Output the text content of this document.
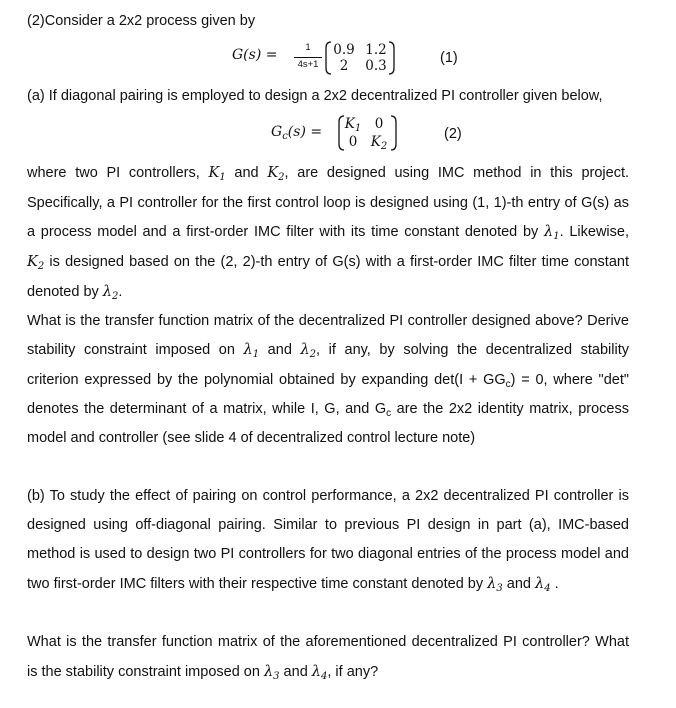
(2)Consider a 2x2 process given by
G(s) =	1
4s+1
0.9 1.2
2	0.3	(1)
(a) If diagonal pairing is employed to design a 2x2 decentralized PI controller given below,
$G_c(s) = K_1$ 0
0 $K_2$
(2)
where two PI controllers, $K_1$ and $K_2$, are designed using IMC method in this project.
Specifically, a PI controller for the first control loop is designed using (1, 1)-th entry of G(s) as
a process model and a first-order IMC filter with its time constant denoted by $\lambda_1$. Likewise,
$K_2$ is designed based on the (2, 2)-th entry of G(s) with a first-order IMC filter time constant
denoted by $\lambda_2$.
What is the transfer function matrix of the decentralized PI controller designed above? Derive
stability constraint imposed on $\lambda_1$ and $\lambda_2$, if any, by solving the decentralized stability
criterion expressed by the polynomial obtained by expanding $\det(I + GG_c) = 0$, where "det"
denotes the determinant of a matrix, while I, G, and $G_c$ are the 2x2 identity matrix, process
model and controller (see slide 4 of decentralized control lecture note)
(b) To study the effect of pairing on control performance, a 2x2 decentralized PI controller is
designed using off-diagonal pairing. Similar to previous PI design in part (a), IMC-based
method is used to design two PI controllers for two diagonal entries of the process model and
two first-order IMC filters with their respective time constant denoted by $\lambda_3$ and $\lambda_4$ .
What is the transfer function matrix of the aforementioned decentralized PI controller? What
is the stability constraint imposed on $\lambda_3$ and $\lambda_4$, if any?
